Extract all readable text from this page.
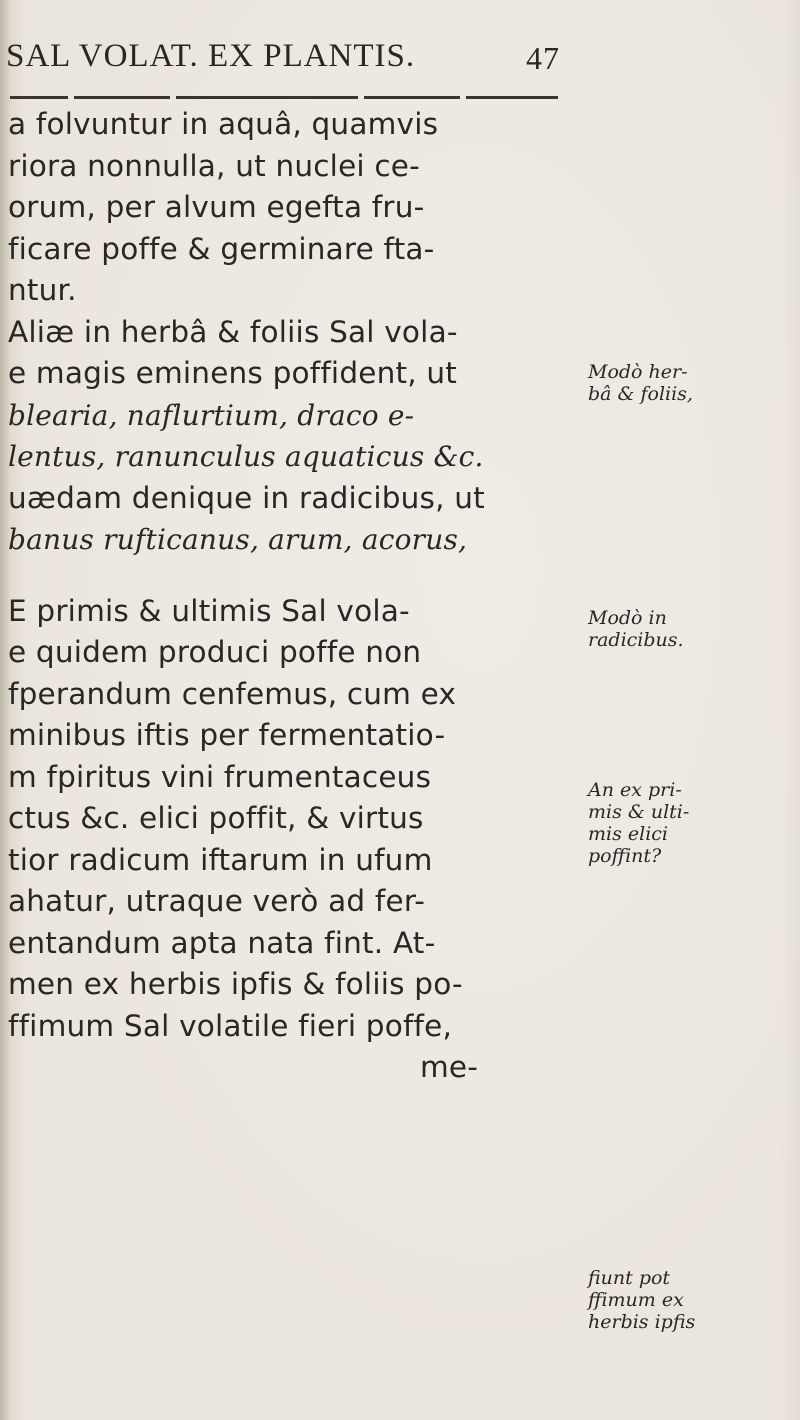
SAL VOLAT. EX PLANTIS.	47
a folvuntur in aquâ, quamvis
riora nonnulla, ut nuclei ce-
orum, per alvum egefta fru-
ficare poffe & germinare fta-
ntur.
Aliæ in herbâ & foliis Sal vola-
e magis eminens poffident, ut
blearia, naflurtium, draco e-
lentus, ranunculus aquaticus &c.
uædam denique in radicibus, ut
banus rufticanus, arum, acorus,
E primis & ultimis Sal vola-
e quidem produci poffe non
fperandum cenfemus, cum ex
minibus iftis per fermentatio-
m fpiritus vini frumentaceus
ctus &c. elici poffit, & virtus
tior radicum iftarum in ufum
ahatur, utraque verò ad fer-
entandum apta nata fint. At-
men ex herbis ipfis & foliis po-
ffimum Sal volatile fieri poffe,
me-
Modò her-
bâ & foliis,
Modò in
radicibus.
An ex pri-
mis & ulti-
mis elici
poffint?
fiunt pot
ffimum ex
herbis ipfis
